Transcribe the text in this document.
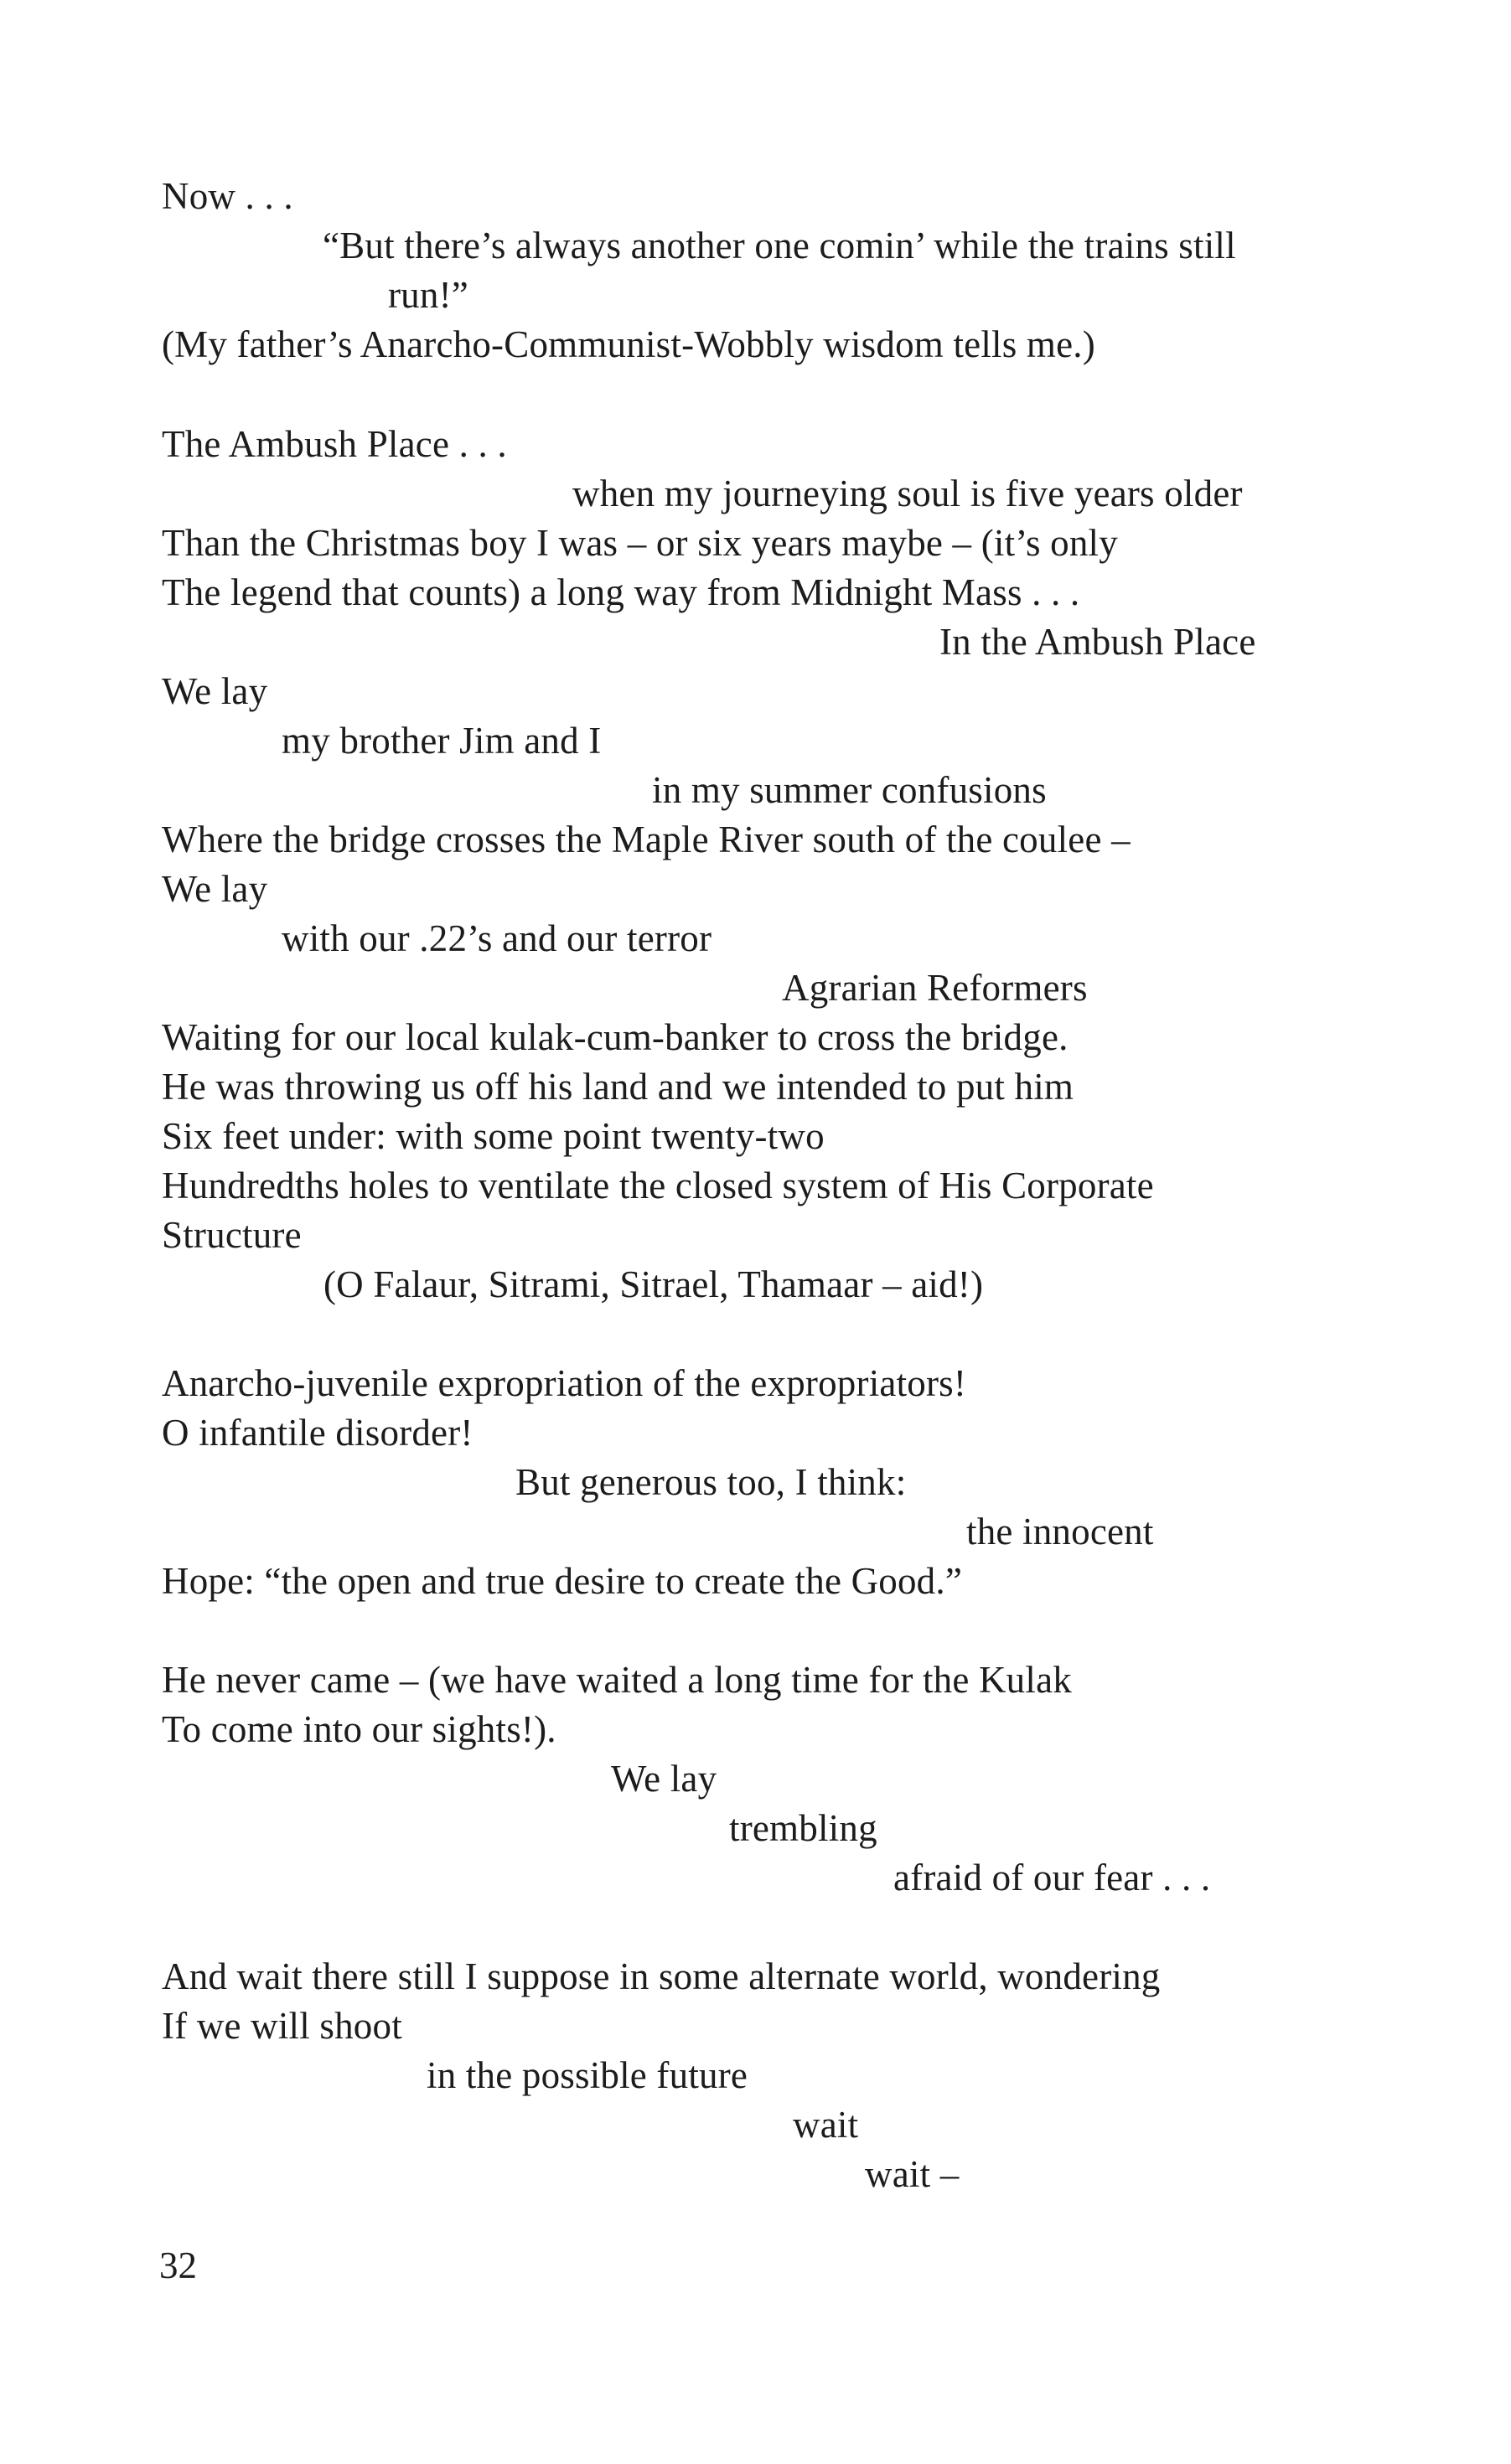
Now . . .
“But there’s always another one comin’ while the trains still
run!”
(My father’s Anarcho-Communist-Wobbly wisdom tells me.)
The Ambush Place . . .
when my journeying soul is five years older
Than the Christmas boy I was – or six years maybe – (it’s only
The legend that counts) a long way from Midnight Mass . . .
In the Ambush Place
We lay
my brother Jim and I
in my summer confusions
Where the bridge crosses the Maple River south of the coulee –
We lay
with our .22’s and our terror
Agrarian Reformers
Waiting for our local kulak-cum-banker to cross the bridge.
He was throwing us off his land and we intended to put him
Six feet under: with some point twenty-two
Hundredths holes to ventilate the closed system of His Corporate
Structure
(O Falaur, Sitrami, Sitrael, Thamaar – aid!)
Anarcho-juvenile expropriation of the expropriators!
O infantile disorder!
But generous too, I think:
the innocent
Hope: “the open and true desire to create the Good.”
He never came – (we have waited a long time for the Kulak
To come into our sights!).
We lay
trembling
afraid of our fear . . .
And wait there still I suppose in some alternate world, wondering
If we will shoot
in the possible future
wait
wait –
32
